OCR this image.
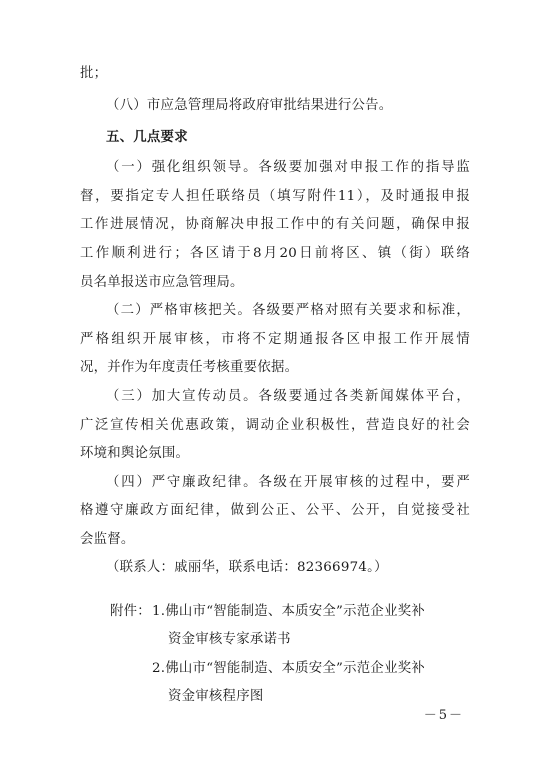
批；
（八）市应急管理局将政府审批结果进行公告。
五、几点要求
（一）强化组织领导。各级要加强对申报工作的指导监
督，要指定专人担任联络员（填写附件11），及时通报申报
工作进展情况，协商解决申报工作中的有关问题，确保申报
工作顺利进行；各区请于8月20日前将区、镇（街）联络
员名单报送市应急管理局。
（二）严格审核把关。各级要严格对照有关要求和标准，
严格组织开展审核，市将不定期通报各区申报工作开展情
况，并作为年度责任考核重要依据。
（三）加大宣传动员。各级要通过各类新闻媒体平台，
广泛宣传相关优惠政策，调动企业积极性，营造良好的社会
环境和舆论氛围。
（四）严守廉政纪律。各级在开展审核的过程中，要严
格遵守廉政方面纪律，做到公正、公平、公开，自觉接受社
会监督。
（联系人：戚丽华，联系电话：82366974。）
附件： 1.佛山市“智能制造、本质安全”示范企业奖补
资金审核专家承诺书
2.佛山市“智能制造、本质安全”示范企业奖补
资金审核程序图
－5－
